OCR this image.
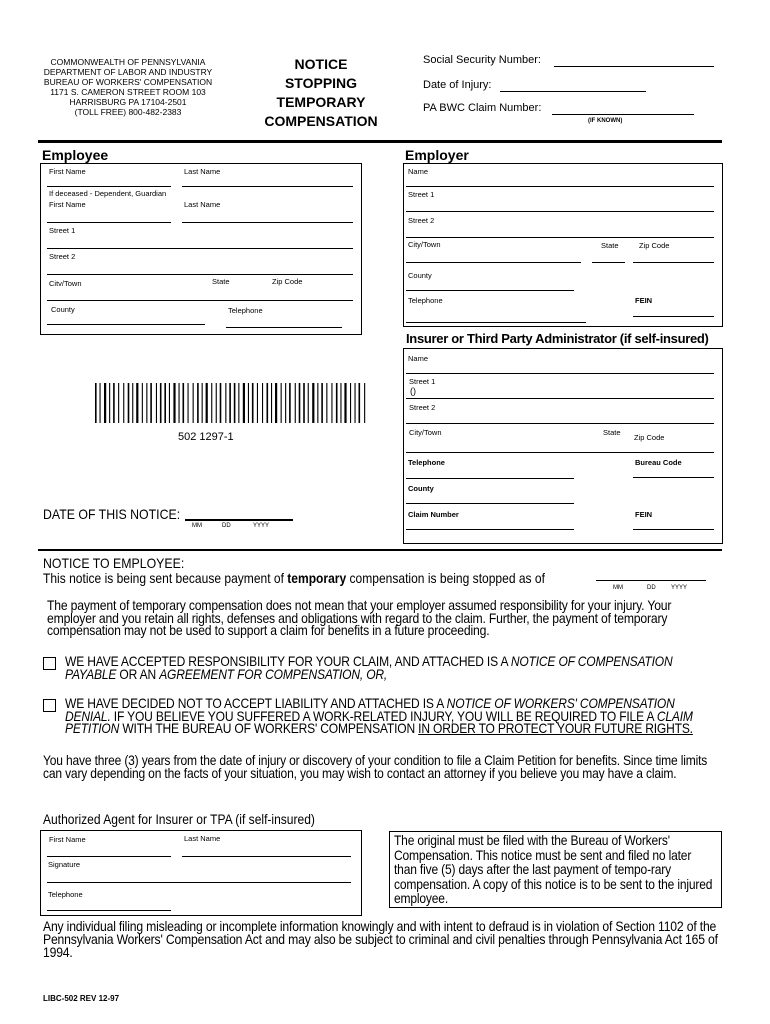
COMMONWEALTH OF PENNSYLVANIA
DEPARTMENT OF LABOR AND INDUSTRY
BUREAU OF WORKERS' COMPENSATION
1171 S. CAMERON STREET ROOM 103
HARRISBURG PA 17104-2501
(TOLL FREE) 800-482-2383
NOTICE
STOPPING
TEMPORARY
COMPENSATION
Social Security Number:
Date of Injury:
PA BWC Claim Number:
(IF KNOWN)
Employee
First Name	Last Name
If deceased - Dependent, Guardian
First Name	Last Name
Street 1
Street 2
Citv/Town	State	Zip Code
County	Telephone
Employer
Name
Street 1
Street 2
City/Town	State	Zip Code
County
Telephone	FEIN
Insurer or Third Party Administrator (if self-insured)
Name
Street 1
()
Street 2
City/Town	State
Zip Code
Telephone	Bureau Code
County
Claim Number	FEIN
502 1297-1
DATE OF THIS NOTICE:
MM	DD	YYYY
NOTICE TO EMPLOYEE:
This notice is being sent because payment of temporary compensation is being stopped as of
MM	DD	YYYY
The payment of temporary compensation does not mean that your employer assumed responsibility for your injury. Your employer and you retain all rights, defenses and obligations with regard to the claim. Further, the payment of temporary compensation may not be used to support a claim for benefits in a future proceeding.
WE HAVE ACCEPTED RESPONSIBILITY FOR YOUR CLAIM, AND ATTACHED IS A NOTICE OF COMPENSATION PAYABLE OR AN AGREEMENT FOR COMPENSATION, OR,
WE HAVE DECIDED NOT TO ACCEPT LIABILITY AND ATTACHED IS A NOTICE OF WORKERS' COMPENSATION DENIAL. IF YOU BELIEVE YOU SUFFERED A WORK-RELATED INJURY, YOU WILL BE REQUIRED TO FILE A CLAIM PETITION WITH THE BUREAU OF WORKERS' COMPENSATION IN ORDER TO PROTECT YOUR FUTURE RIGHTS.
You have three (3) years from the date of injury or discovery of your condition to file a Claim Petition for benefits. Since time limits can vary depending on the facts of your situation, you may wish to contact an attorney if you believe you may have a claim.
Authorized Agent for Insurer or TPA (if self-insured)
First Name	Last Name
Signature
Telephone
The original must be filed with the Bureau of Workers' Compensation. This notice must be sent and filed no later than five (5) days after the last payment of tempo-rary compensation. A copy of this notice is to be sent to the injured employee.
Any individual filing misleading or incomplete information knowingly and with intent to defraud is in violation of Section 1102 of the Pennsylvania Workers' Compensation Act and may also be subject to criminal and civil penalties through Pennsylvania Act 165 of 1994.
LIBC-502 REV 12-97
